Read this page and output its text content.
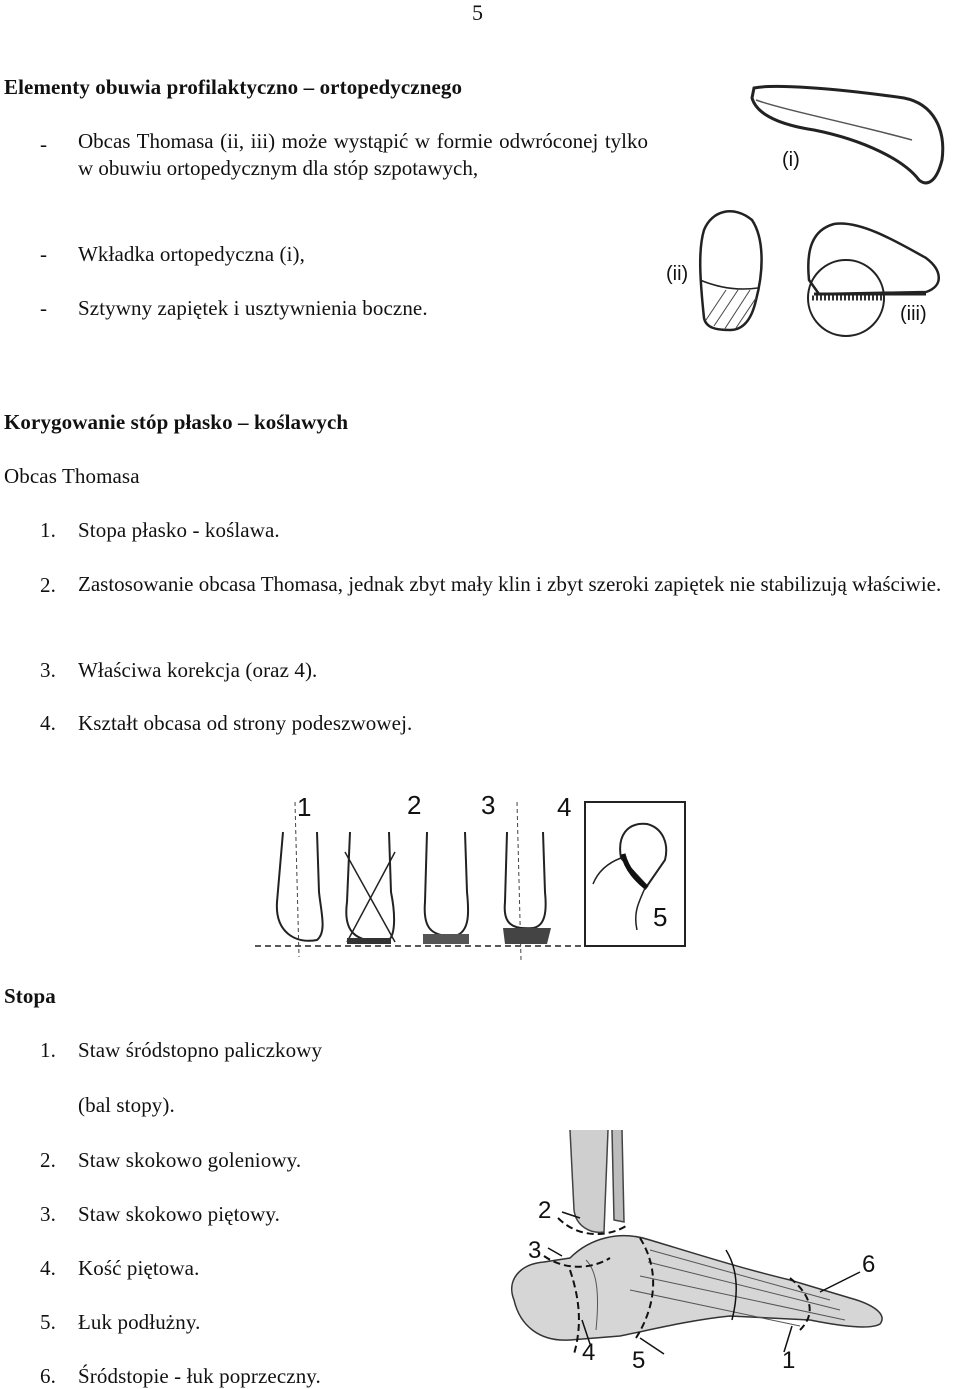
5
Elementy obuwia profilaktyczno – ortopedycznego
- Obcas Thomasa (ii, iii) może wystąpić w formie odwróconej tylko w obuwiu ortopedycznym dla stóp szpotawych,
- Wkładka ortopedyczna (i),
- Sztywny zapiętek i usztywnienia boczne.
(i)
(ii)
(iii)
Korygowanie stóp płasko – koślawych
Obcas Thomasa
1. Stopa płasko - koślawa.
2. Zastosowanie obcasa Thomasa, jednak zbyt mały klin i zbyt szeroki zapiętek nie stabilizują właściwie.
3. Właściwa korekcja (oraz 4).
4. Kształt obcasa od strony podeszwowej.
1	2 3 4
5
Stopa
1. Staw śródstopno paliczkowy
(bal stopy).
2. Staw skokowo goleniowy.
3. Staw skokowo piętowy.
4. Kość piętowa.
5. Łuk podłużny.
6. Śródstopie - łuk poprzeczny.
2
3
4 5
6
1
